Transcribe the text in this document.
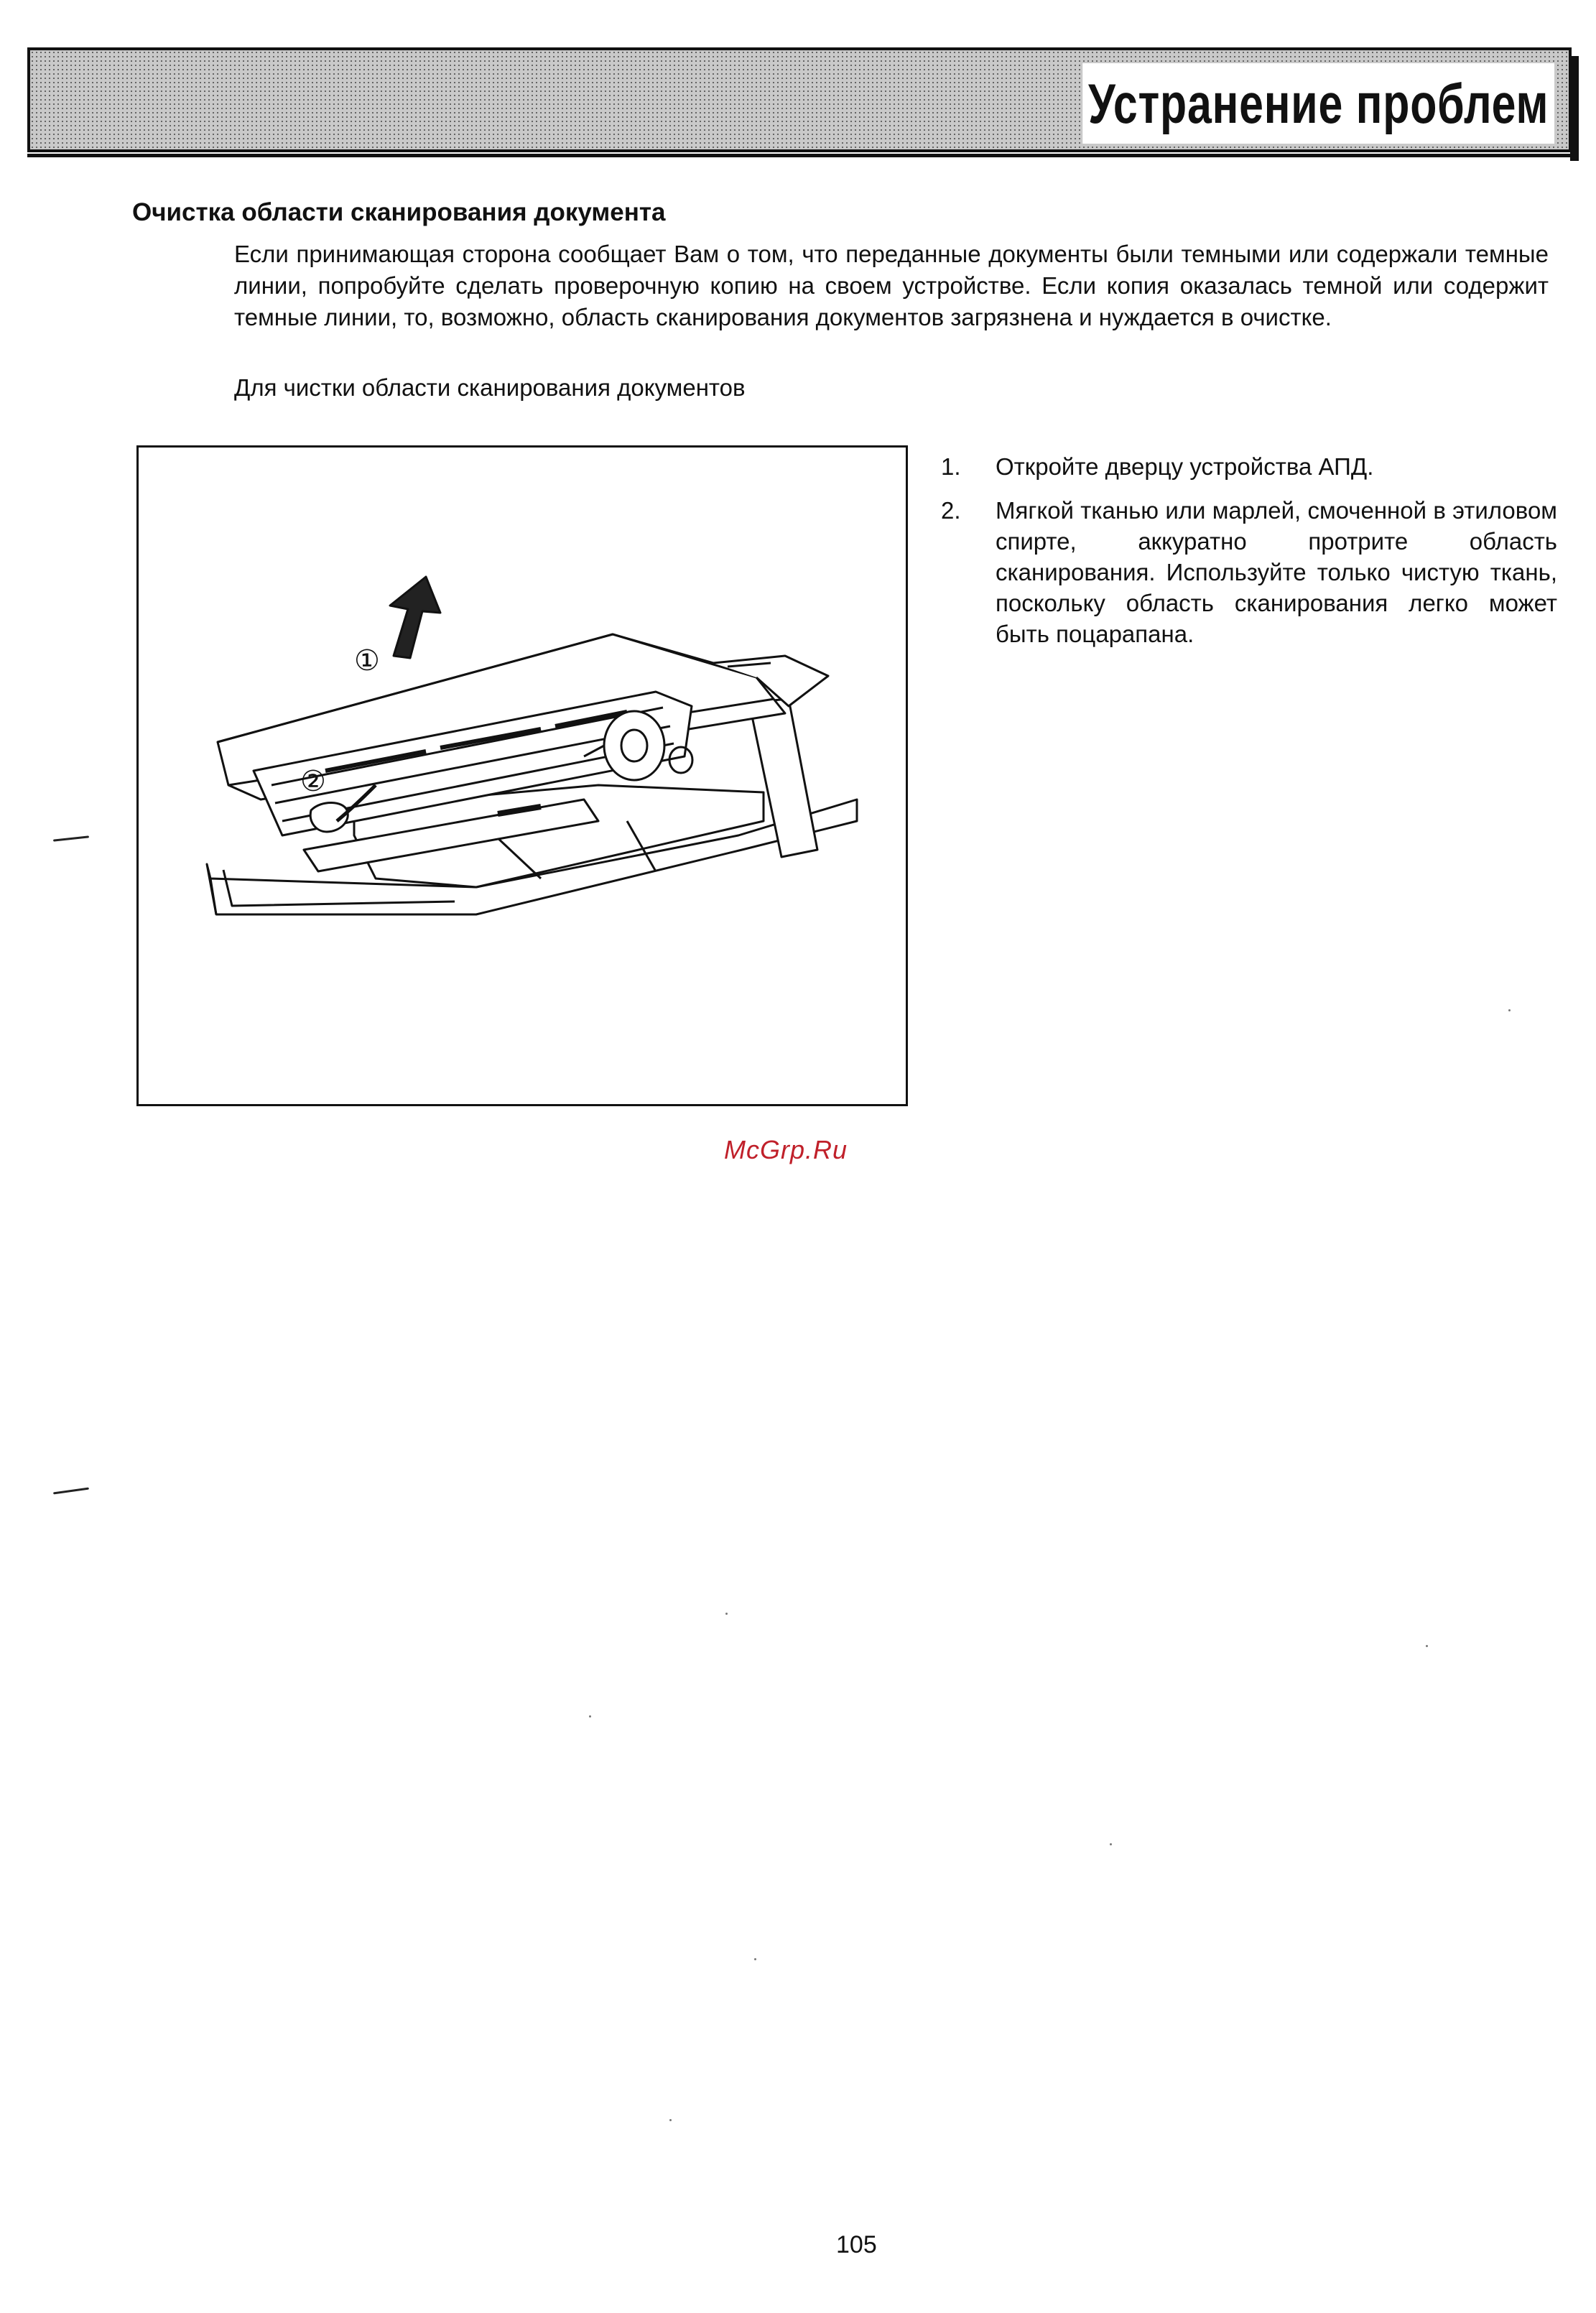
Устранение проблем
Очистка области сканирования документа

Если принимающая сторона сообщает Вам о том, что переданные документы были темными или содержали темные линии, попробуйте сделать проверочную копию на своем устройстве. Если копия оказалась темной или содержит темные линии, то, возможно, область сканирования документов загрязнена и нуждается в очистке.

Для чистки области сканирования документов
①
②
1. Откройте дверцу устройства АПД.
2. Мягкой тканью или марлей, смоченной в этиловом спирте, аккуратно протрите область сканирования. Используйте только чистую ткань, поскольку область сканирования легко может быть поцарапана.
McGrp.Ru
105
